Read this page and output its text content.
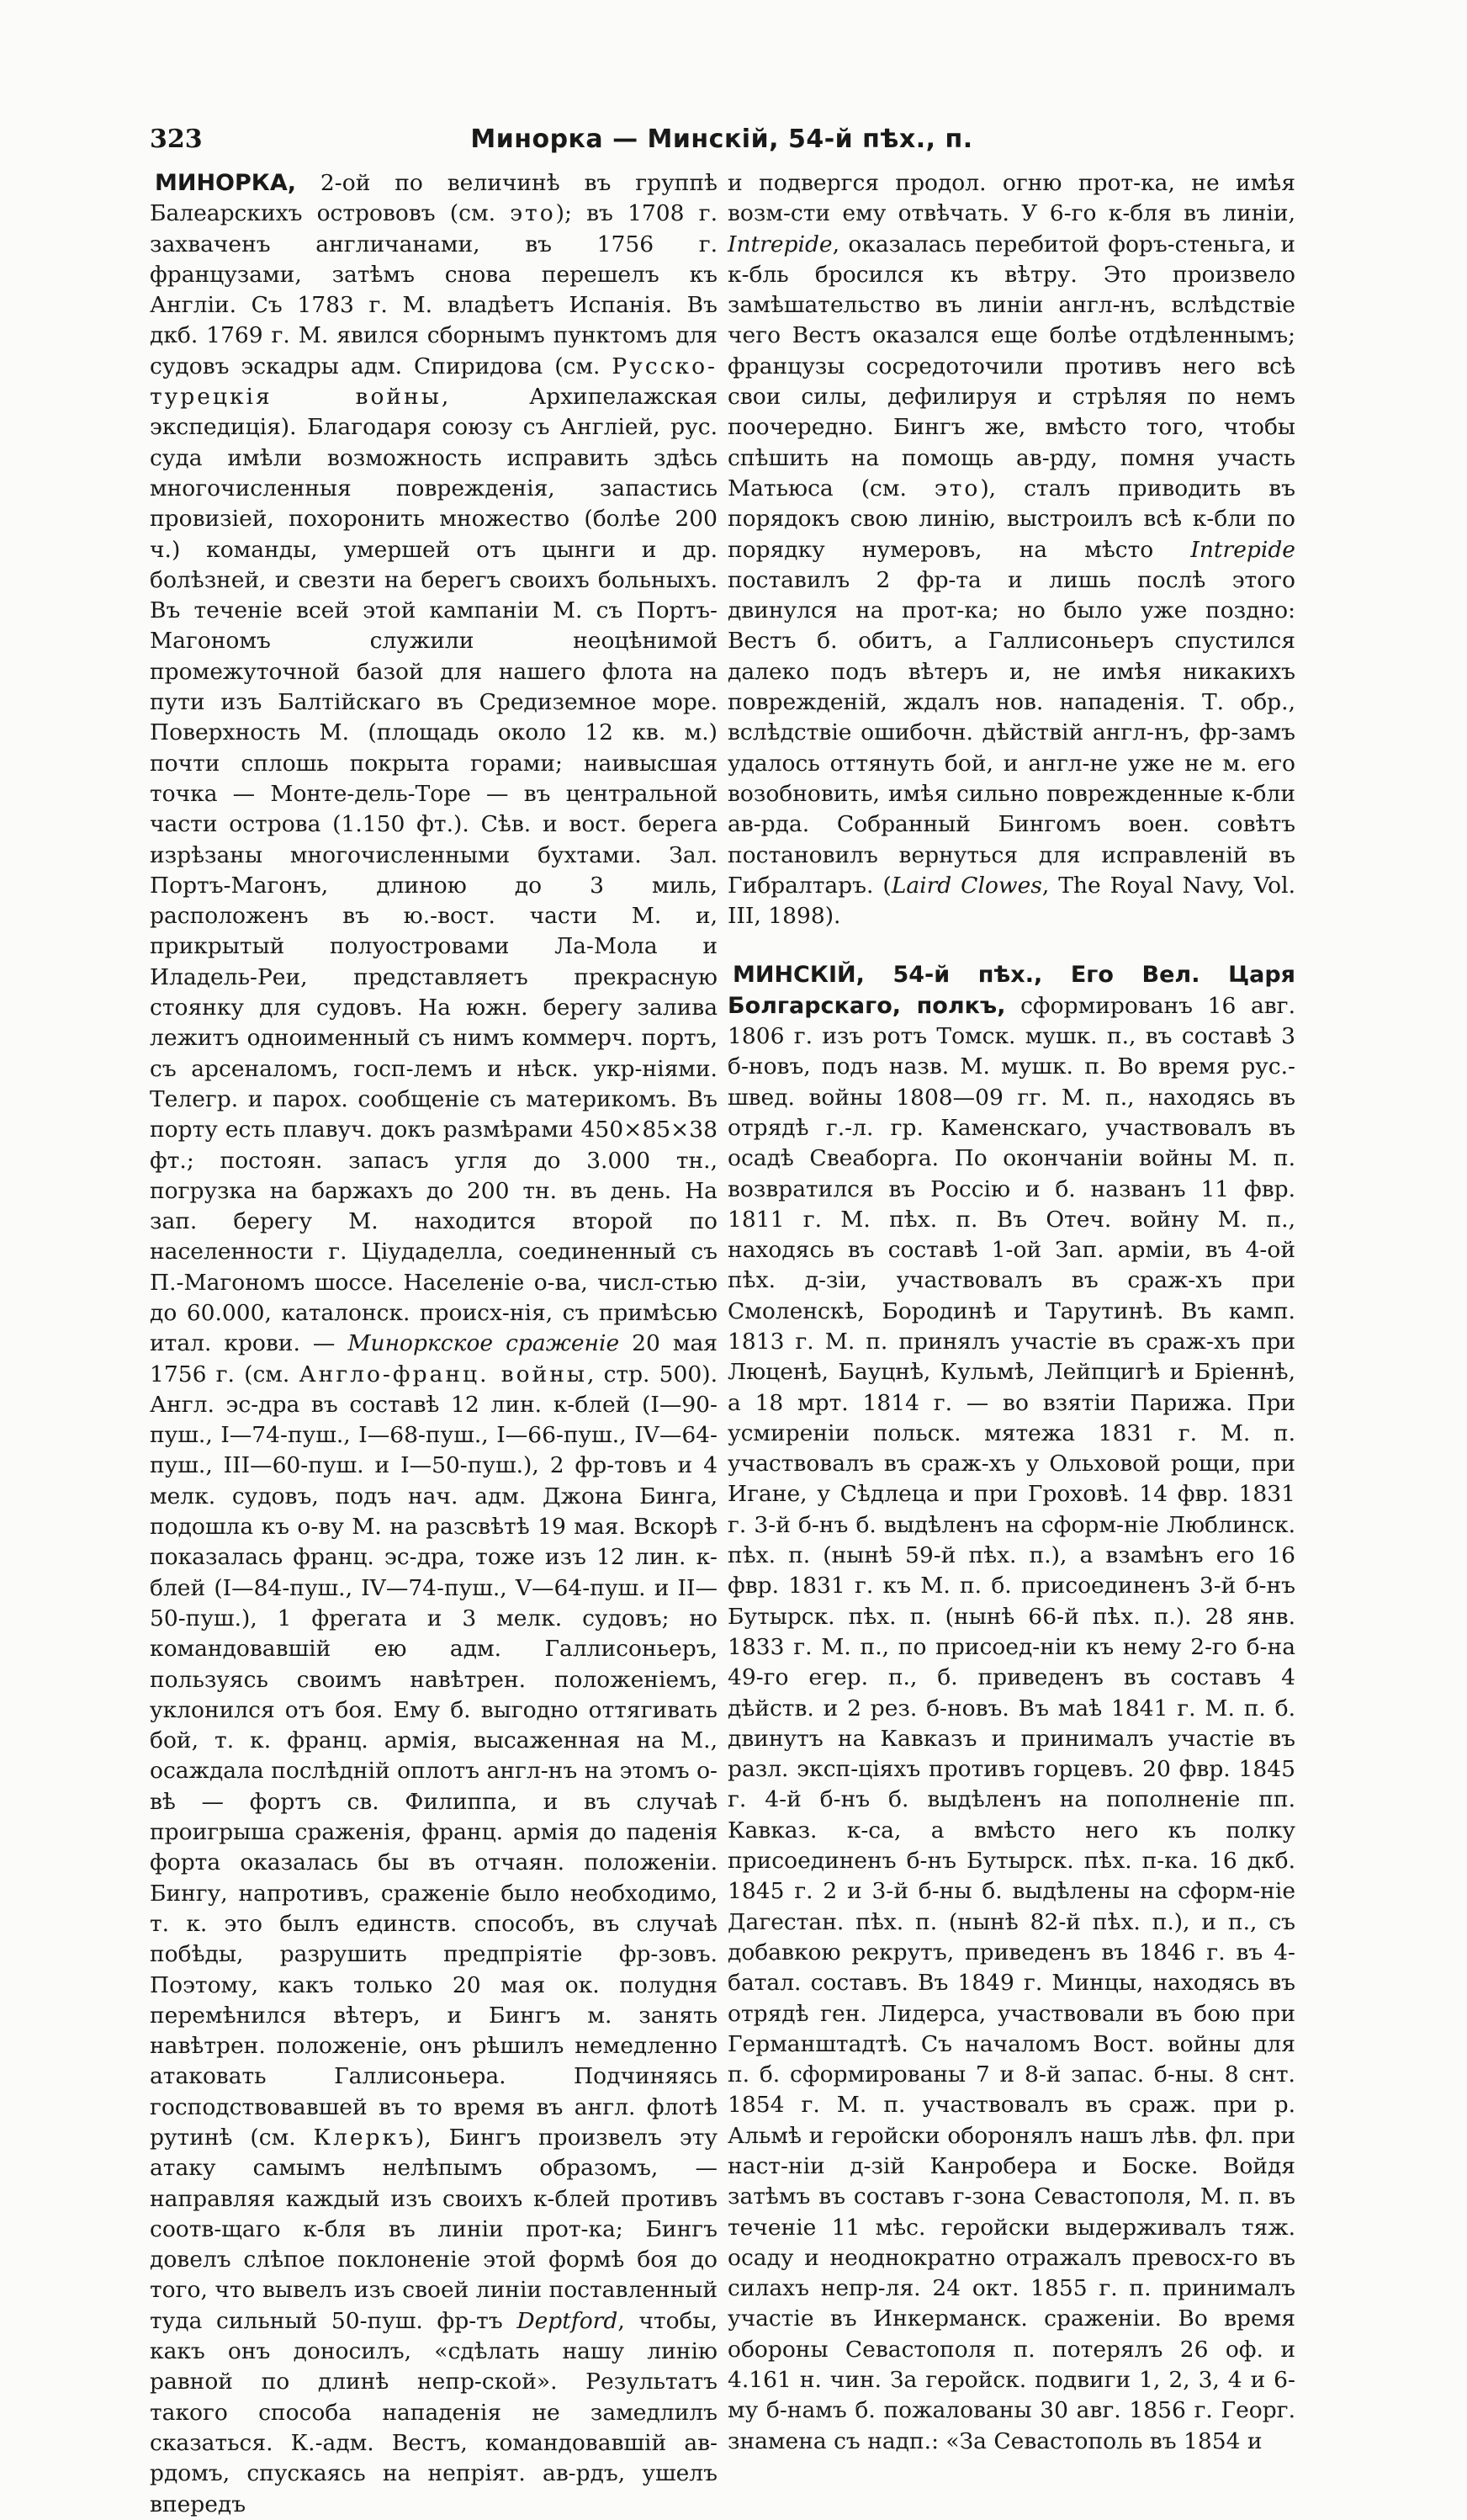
323	Минорка — Минскій, 54-й пѣх., п.

МИНОРКА, 2-ой по величинѣ въ группѣ Балеарскихъ острововъ (см. это); въ 1708 г. захваченъ англичанами, въ 1756 г. французами, затѣмъ снова перешелъ къ Англіи. Съ 1783 г. М. владѣетъ Испанія. Въ дкб. 1769 г. М. явился сборнымъ пунктомъ для судовъ эскадры адм. Спиридова (см. Русско-турецкія войны, Архипелажская экспедиція). Благодаря союзу съ Англіей, рус. суда имѣли возможность исправить здѣсь многочисленныя поврежденія, запастись провизіей, похоронить множество (болѣе 200 ч.) команды, умершей отъ цынги и др. болѣзней, и свезти на берегъ своихъ больныхъ. Въ теченіе всей этой кампаніи М. съ Портъ-Магономъ служили неоцѣнимой промежуточной базой для нашего флота на пути изъ Балтійскаго въ Средиземное море. Поверхность М. (площадь около 12 кв. м.) почти сплошь покрыта горами; наивысшая точка — Монте-дель-Торе — въ центральной части острова (1.150 фт.). Сѣв. и вост. берега изрѣзаны многочисленными бухтами. Зал. Портъ-Магонъ, длиною до 3 миль, расположенъ въ ю.-вост. части М. и, прикрытый полуостровами Ла-Мола и Иладель-Реи, представляетъ прекрасную стоянку для судовъ. На южн. берегу залива лежитъ одноименный съ нимъ коммерч. портъ, съ арсеналомъ, госп-лемъ и нѣск. укр-ніями. Телегр. и парох. сообщеніе съ материкомъ. Въ порту есть плавуч. докъ размѣрами 450×85×38 фт.; постоян. запасъ угля до 3.000 тн., погрузка на баржахъ до 200 тн. въ день. На зап. берегу М. находится второй по населенности г. Ціудаделла, соединенный съ П.-Магономъ шоссе. Населеніе о-ва, числ-стью до 60.000, каталонск. происх-нія, съ примѣсью итал. крови. — Миноркское сраженіе 20 мая 1756 г. (см. Англо-франц. войны, стр. 500). Англ. эс-дра въ составѣ 12 лин. к-блей (I—90-пуш., I—74-пуш., I—68-пуш., I—66-пуш., IV—64-пуш., III—60-пуш. и I—50-пуш.), 2 фр-товъ и 4 мелк. судовъ, подъ нач. адм. Джона Бинга, подошла къ о-ву М. на разсвѣтѣ 19 мая. Вскорѣ показалась франц. эс-дра, тоже изъ 12 лин. к-блей (I—84-пуш., IV—74-пуш., V—64-пуш. и II—50-пуш.), 1 фрегата и 3 мелк. судовъ; но командовавшій ею адм. Галлисоньеръ, пользуясь своимъ навѣтрен. положеніемъ, уклонился отъ боя. Ему б. выгодно оттягивать бой, т. к. франц. армія, высаженная на М., осаждала послѣдній оплотъ англ-нъ на этомъ о-вѣ — фортъ св. Филиппа, и въ случаѣ проигрыша сраженія, франц. армія до паденія форта оказалась бы въ отчаян. положеніи. Бингу, напротивъ, сраженіе было необходимо, т. к. это былъ единств. способъ, въ случаѣ побѣды, разрушить предпріятіе фр-зовъ. Поэтому, какъ только 20 мая ок. полудня перемѣнился вѣтеръ, и Бингъ м. занять навѣтрен. положеніе, онъ рѣшилъ немедленно атаковать Галлисоньера. Подчиняясь господствовавшей въ то время въ англ. флотѣ рутинѣ (см. Клеркъ), Бингъ произвелъ эту атаку самымъ нелѣпымъ образомъ, — направляя каждый изъ своихъ к-блей противъ соотв-щаго к-бля въ линіи прот-ка; Бингъ довелъ слѣпое поклоненіе этой формѣ боя до того, что вывелъ изъ своей линіи поставленный туда сильный 50-пуш. фр-тъ Deptford, чтобы, какъ онъ доносилъ, «сдѣлать нашу линію равной по длинѣ непр-ской». Результатъ такого способа нападенія не замедлилъ сказаться. К.-адм. Вестъ, командовавшій ав-рдомъ, спускаясь на непріят. ав-рдъ, ушелъ впередъ

и подвергся продол. огню прот-ка, не имѣя возм-сти ему отвѣчать. У 6-го к-бля въ линіи, Intrepide, оказалась перебитой форъ-стеньга, и к-бль бросился къ вѣтру. Это произвело замѣшательство въ линіи англ-нъ, вслѣдствіе чего Вестъ оказался еще болѣе отдѣленнымъ; французы сосредоточили противъ него всѣ свои силы, дефилируя и стрѣляя по немъ поочередно. Бингъ же, вмѣсто того, чтобы спѣшить на помощь ав-рду, помня участь Матьюса (см. это), сталъ приводить въ порядокъ свою линію, выстроилъ всѣ к-бли по порядку нумеровъ, на мѣсто Intrepide поставилъ 2 фр-та и лишь послѣ этого двинулся на прот-ка; но было уже поздно: Вестъ б. обитъ, а Галлисоньеръ спустился далеко подъ вѣтеръ и, не имѣя никакихъ поврежденій, ждалъ нов. нападенія. Т. обр., вслѣдствіе ошибочн. дѣйствій англ-нъ, фр-замъ удалось оттянуть бой, и англ-не уже не м. его возобновить, имѣя сильно поврежденные к-бли ав-рда. Собранный Бингомъ воен. совѣтъ постановилъ вернуться для исправленій въ Гибралтаръ. (Laird Clowes, The Royal Navy, Vol. III, 1898).

МИНСКІЙ, 54-й пѣх., Его Вел. Царя Болгарскаго, полкъ, сформированъ 16 авг. 1806 г. изъ ротъ Томск. мушк. п., въ составѣ 3 б-новъ, подъ назв. М. мушк. п. Во время рус.-швед. войны 1808—09 гг. М. п., находясь въ отрядѣ г.-л. гр. Каменскаго, участвовалъ въ осадѣ Свеаборга. По окончаніи войны М. п. возвратился въ Россію и б. названъ 11 фвр. 1811 г. М. пѣх. п. Въ Отеч. войну М. п., находясь въ составѣ 1-ой Зап. арміи, въ 4-ой пѣх. д-зіи, участвовалъ въ сраж-хъ при Смоленскѣ, Бородинѣ и Тарутинѣ. Въ камп. 1813 г. М. п. принялъ участіе въ сраж-хъ при Люценѣ, Бауцнѣ, Кульмѣ, Лейпцигѣ и Бріеннѣ, а 18 мрт. 1814 г. — во взятіи Парижа. При усмиреніи польск. мятежа 1831 г. М. п. участвовалъ въ сраж-хъ у Ольховой рощи, при Игане, у Сѣдлеца и при Гроховѣ. 14 фвр. 1831 г. 3-й б-нъ б. выдѣленъ на сформ-ніе Люблинск. пѣх. п. (нынѣ 59-й пѣх. п.), а взамѣнъ его 16 фвр. 1831 г. къ М. п. б. присоединенъ 3-й б-нъ Бутырск. пѣх. п. (нынѣ 66-й пѣх. п.). 28 янв. 1833 г. М. п., по присоед-ніи къ нему 2-го б-на 49-го егер. п., б. приведенъ въ составъ 4 дѣйств. и 2 рез. б-новъ. Въ маѣ 1841 г. М. п. б. двинутъ на Кавказъ и принималъ участіе въ разл. эксп-ціяхъ противъ горцевъ. 20 фвр. 1845 г. 4-й б-нъ б. выдѣленъ на пополненіе пп. Кавказ. к-са, а вмѣсто него къ полку присоединенъ б-нъ Бутырск. пѣх. п-ка. 16 дкб. 1845 г. 2 и 3-й б-ны б. выдѣлены на сформ-ніе Дагестан. пѣх. п. (нынѣ 82-й пѣх. п.), и п., съ добавкою рекрутъ, приведенъ въ 1846 г. въ 4-батал. составъ. Въ 1849 г. Минцы, находясь въ отрядѣ ген. Лидерса, участвовали въ бою при Германштадтѣ. Съ началомъ Вост. войны для п. б. сформированы 7 и 8-й запас. б-ны. 8 снт. 1854 г. М. п. участвовалъ въ сраж. при р. Альмѣ и геройски оборонялъ нашъ лѣв. фл. при наст-ніи д-зій Канробера и Боске. Войдя затѣмъ въ составъ г-зона Севастополя, М. п. въ теченіе 11 мѣс. геройски выдерживалъ тяж. осаду и неоднократно отражалъ превосх-го въ силахъ непр-ля. 24 окт. 1855 г. п. принималъ участіе въ Инкерманск. сраженіи. Во время обороны Севастополя п. потерялъ 26 оф. и 4.161 н. чин. За геройск. подвиги 1, 2, 3, 4 и 6-му б-намъ б. пожалованы 30 авг. 1856 г. Георг. знамена съ надп.: «За Севастополь въ 1854 и
